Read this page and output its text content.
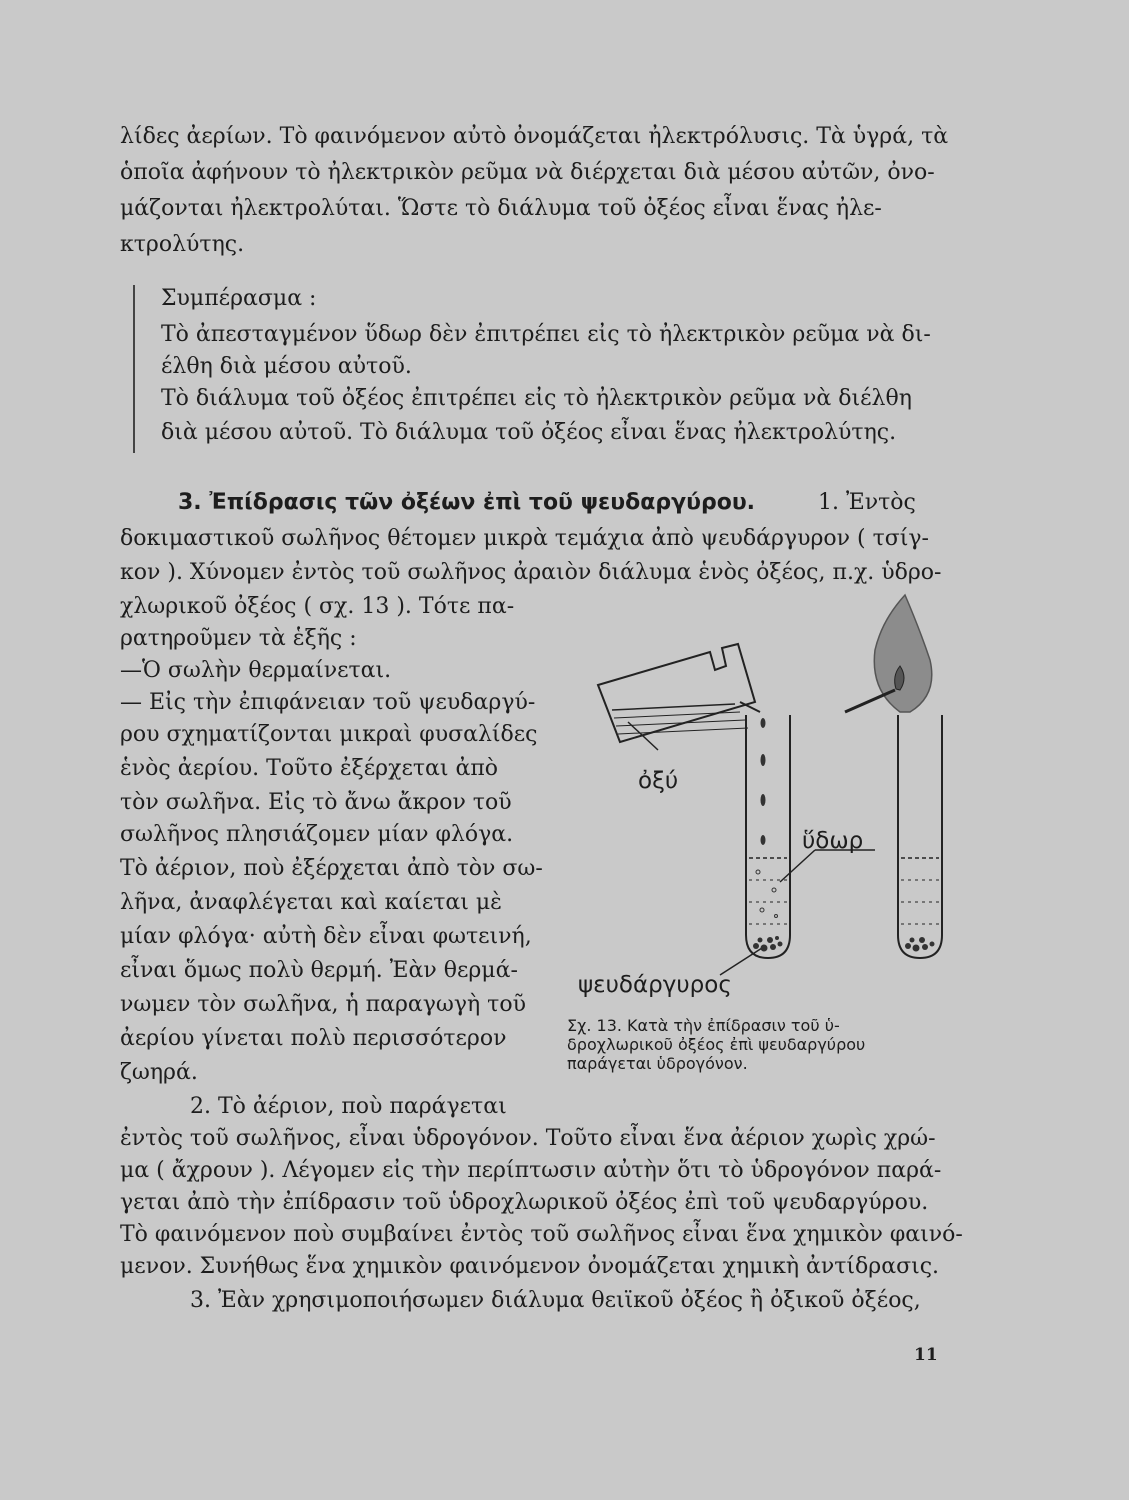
λίδες ἀερίων. Τὸ φαινόμενον αὐτὸ ὀνομάζεται ἠλεκτρόλυσις. Τὰ ὑγρά, τὰ
ὁποῖα ἀφήνουν τὸ ἠλεκτρικὸν ρεῦμα νὰ διέρχεται διὰ μέσου αὐτῶν, ὀνο-
μάζονται ἠλεκτρολύται. Ὥστε τὸ διάλυμα τοῦ ὀξέος εἶναι ἕνας ἠλε-
κτρολύτης.
Συμπέρασμα :
Τὸ ἀπεσταγμένον ὕδωρ δὲν ἐπιτρέπει εἰς τὸ ἠλεκτρικὸν ρεῦμα νὰ δι-
έλθη διὰ μέσου αὐτοῦ.
Τὸ διάλυμα τοῦ ὀξέος ἐπιτρέπει εἰς τὸ ἠλεκτρικὸν ρεῦμα νὰ διέλθη
διὰ μέσου αὐτοῦ. Τὸ διάλυμα τοῦ ὀξέος εἶναι ἕνας ἠλεκτρολύτης.
3. Ἐπίδρασις τῶν ὀξέων ἐπὶ τοῦ ψευδαργύρου.	1. Ἐντὸς
δοκιμαστικοῦ σωλῆνος θέτομεν μικρὰ τεμάχια ἀπὸ ψευδάργυρον ( τσίγ-
κον ). Χύνομεν ἐντὸς τοῦ σωλῆνος ἀραιὸν διάλυμα ἑνὸς ὀξέος, π.χ. ὑδρο-
χλωρικοῦ ὀξέος ( σχ. 13 ). Τότε πα-
ρατηροῦμεν τὰ ἑξῆς :
—Ὁ σωλὴν θερμαίνεται.
— Εἰς τὴν ἐπιφάνειαν τοῦ ψευδαργύ-
ρου σχηματίζονται μικραὶ φυσαλίδες
ἑνὸς ἀερίου. Τοῦτο ἐξέρχεται ἀπὸ
τὸν σωλῆνα. Εἰς τὸ ἄνω ἄκρον τοῦ
σωλῆνος πλησιάζομεν μίαν φλόγα.
Τὸ ἀέριον, ποὺ ἐξέρχεται ἀπὸ τὸν σω-
λῆνα, ἀναφλέγεται καὶ καίεται μὲ
μίαν φλόγα· αὐτὴ δὲν εἶναι φωτεινή,
εἶναι ὅμως πολὺ θερμή. Ἐὰν θερμά-
νωμεν τὸν σωλῆνα, ἡ παραγωγὴ τοῦ
ἀερίου γίνεται πολὺ περισσότερον
ζωηρά.
2. Τὸ ἀέριον, ποὺ παράγεται
ὀξύ
ὕδωρ
ψευδάργυρος
Σχ. 13. Κατὰ τὴν ἐπίδρασιν τοῦ ὑ-
δροχλωρικοῦ ὀξέος ἐπὶ ψευδαργύρου
παράγεται ὑδρογόνον.
ἐντὸς τοῦ σωλῆνος, εἶναι ὑδρογόνον. Τοῦτο εἶναι ἕνα ἀέριον χωρὶς χρώ-
μα ( ἄχρουν ). Λέγομεν εἰς τὴν περίπτωσιν αὐτὴν ὅτι τὸ ὑδρογόνον παρά-
γεται ἀπὸ τὴν ἐπίδρασιν τοῦ ὑδροχλωρικοῦ ὀξέος ἐπὶ τοῦ ψευδαργύρου.
Τὸ φαινόμενον ποὺ συμβαίνει ἐντὸς τοῦ σωλῆνος εἶναι ἕνα χημικὸν φαινό-
μενον. Συνήθως ἕνα χημικὸν φαινόμενον ὀνομάζεται χημικὴ ἀντίδρασις.
3. Ἐὰν χρησιμοποιήσωμεν διάλυμα θειϊκοῦ ὀξέος ἢ ὀξικοῦ ὀξέος,
11
